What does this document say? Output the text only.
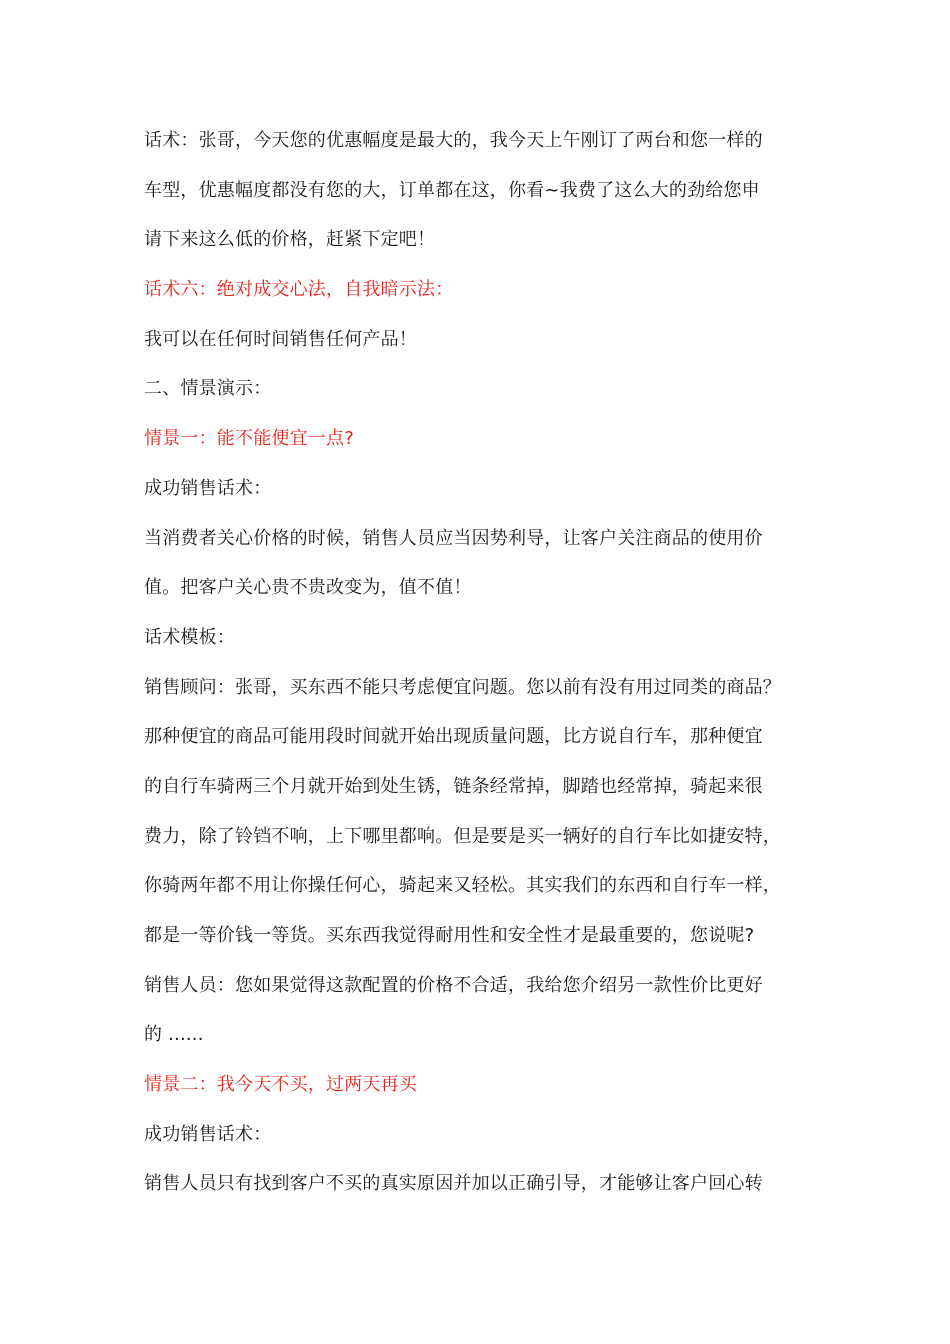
话术：张哥，今天您的优惠幅度是最大的，我今天上午刚订了两台和您一样的
车型，优惠幅度都没有您的大，订单都在这，你看~我费了这么大的劲给您申
请下来这么低的价格，赶紧下定吧！
话术六：绝对成交心法，自我暗示法：
我可以在任何时间销售任何产品！
二、情景演示：
情景一：能不能便宜一点?
成功销售话术：
当消费者关心价格的时候，销售人员应当因势利导，让客户关注商品的使用价
值。把客户关心贵不贵改变为，值不值！
话术模板：
销售顾问：张哥，买东西不能只考虑便宜问题。您以前有没有用过同类的商品？
那种便宜的商品可能用段时间就开始出现质量问题，比方说自行车，那种便宜
的自行车骑两三个月就开始到处生锈，链条经常掉，脚踏也经常掉，骑起来很
费力，除了铃铛不响，上下哪里都响。但是要是买一辆好的自行车比如捷安特，
你骑两年都不用让你操任何心，骑起来又轻松。其实我们的东西和自行车一样，
都是一等价钱一等货。买东西我觉得耐用性和安全性才是最重要的，您说呢?
销售人员：您如果觉得这款配置的价格不合适，我给您介绍另一款性价比更好
的 ......
情景二：我今天不买，过两天再买
成功销售话术：
销售人员只有找到客户不买的真实原因并加以正确引导，才能够让客户回心转
